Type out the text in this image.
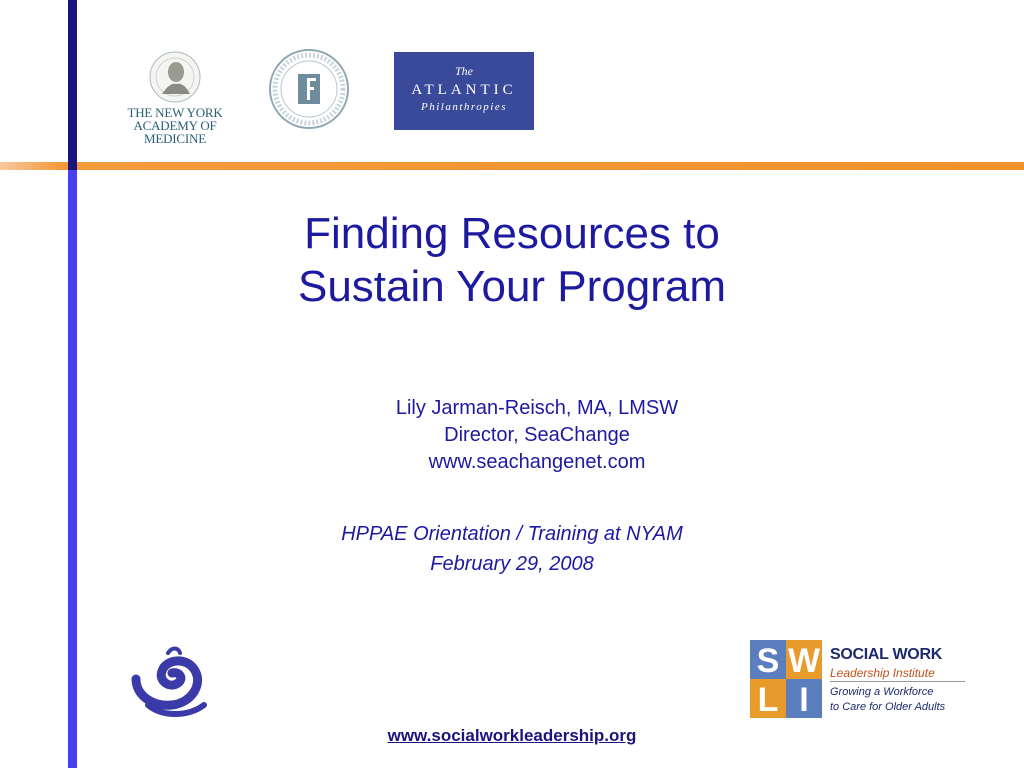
THE NEW YORK
ACADEMY OF MEDICINE
The
ATLANTIC
Philanthropies
Finding Resources to
Sustain Your Program
Lily Jarman-Reisch, MA, LMSW
Director, SeaChange
www.seachangenet.com
HPPAE Orientation / Training at NYAM
February 29, 2008
S W
L I
SOCIAL WORK
Leadership Institute
Growing a Workforce
to Care for Older Adults
www.socialworkleadership.org
